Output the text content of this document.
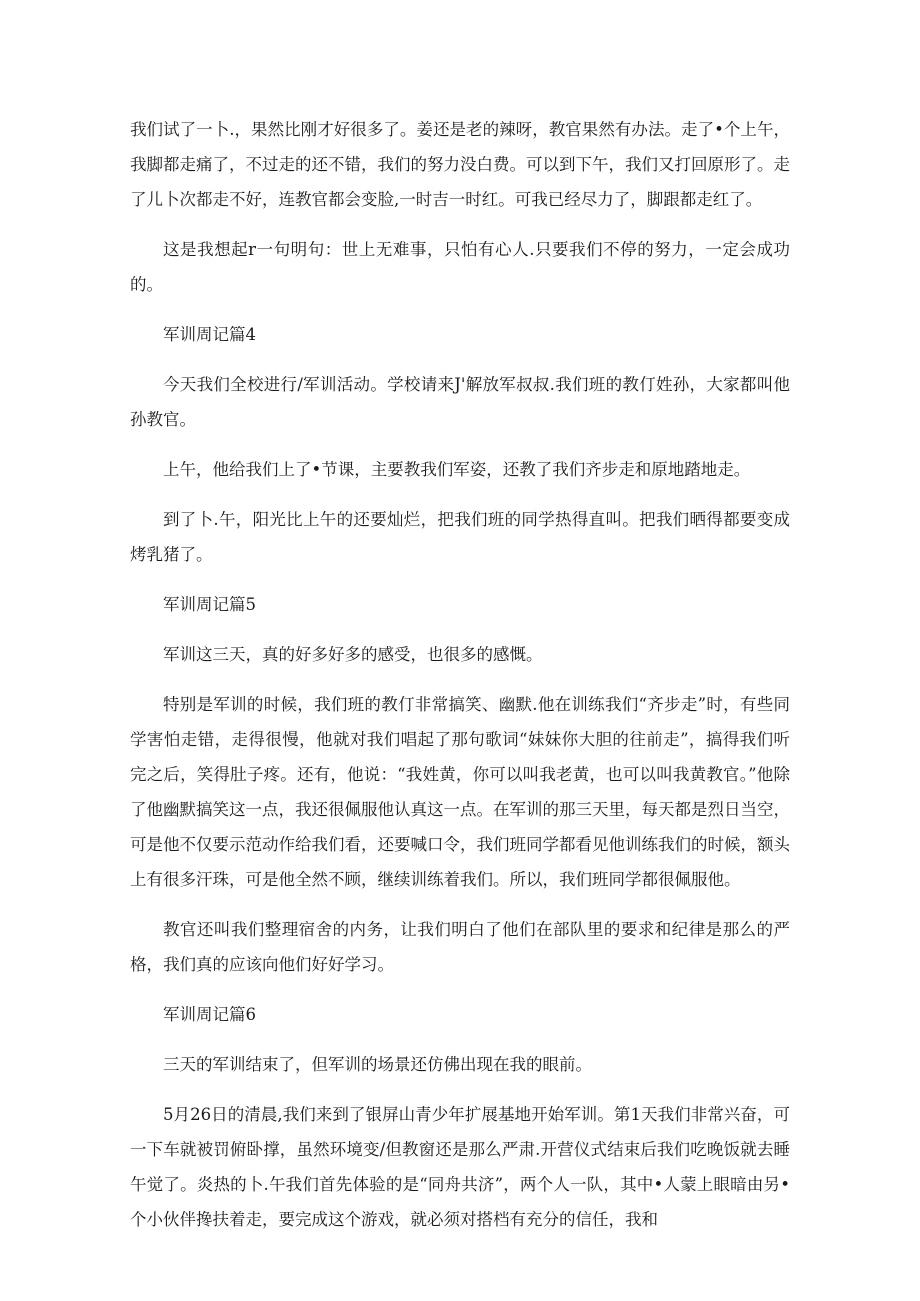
我们试了一卜.，果然比刚才好很多了。姜还是老的辣呀，教官果然有办法。走了•个上午，我脚都走痛了，不过走的还不错，我们的努力没白费。可以到下午，我们又打回原形了。走了儿卜次都走不好，连教官都会变脸,一时吉一时红。可我已经尽力了，脚跟都走红了。

这是我想起r一句明句：世上无难事，只怕有心人.只要我们不停的努力，一定会成功的。

军训周记篇4

今天我们全校进行/军训活动。学校请来J'解放军叔叔.我们班的教仃姓孙，大家都叫他孙教官。

上午，他给我们上了•节课，主要教我们军姿，还教了我们齐步走和原地踏地走。

到了卜.午，阳光比上午的还要灿烂，把我们班的同学热得直叫。把我们晒得都要变成烤乳猪了。

军训周记篇5

军训这三天，真的好多好多的感受，也很多的感慨。

特别是军训的时候，我们班的教仃非常搞笑、幽默.他在训练我们“齐步走”时，有些同学害怕走错，走得很慢，他就对我们唱起了那句歌词“妹妹你大胆的往前走”，搞得我们听完之后，笑得肚子疼。还有，他说：“我姓黄，你可以叫我老黄，也可以叫我黄教官。”他除了他幽默搞笑这一点，我还很佩服他认真这一点。在军训的那三天里，每天都是烈日当空，可是他不仅要示范动作给我们看，还要喊口令，我们班同学都看见他训练我们的时候，额头上有很多汗珠，可是他全然不顾，继续训练着我们。所以，我们班同学都很佩服他。

教官还叫我们整理宿舍的内务，让我们明白了他们在部队里的要求和纪律是那么的严格，我们真的应该向他们好好学习。

军训周记篇6

三天的军训结束了，但军训的场景还仿佛出现在我的眼前。

5月26日的清晨,我们来到了银屏山青少年扩展基地开始军训。第1天我们非常兴奋，可一下车就被罚俯卧撑，虽然环境变/但教窗还是那么严肃.开营仪式结束后我们吃晚饭就去睡午觉了。炎热的卜.午我们首先体验的是“同舟共济”，两个人一队，其中•人蒙上眼暗由另•个小伙伴搀扶着走，要完成这个游戏，就必须对搭档有充分的信任，我和
